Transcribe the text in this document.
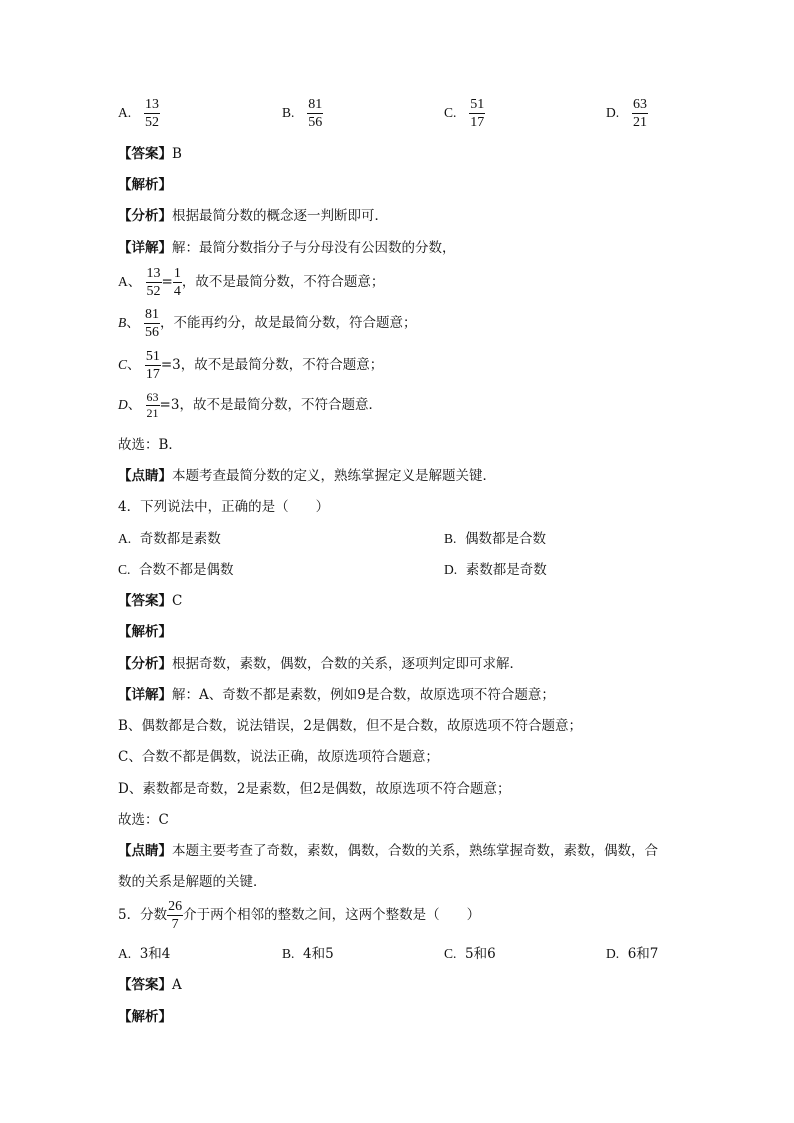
A. $\frac{13}{52}$	B. $\frac{81}{56}$	C. $\frac{51}{17}$	D. $\frac{63}{21}$
【答案】B
【解析】
【分析】根据最简分数的概念逐一判断即可．
【详解】解：最简分数指分子与分母没有公因数的分数，
A、 $\frac{13}{52} = \frac{1}{4}$ ，故不是最简分数，不符合题意；
B、 $\frac{81}{56}$ ，不能再约分，故是最简分数，符合题意；
C、 $\frac{51}{17} =3$，故不是最简分数，不符合题意；
D、 $\frac{63}{21} =3$，故不是最简分数，不符合题意．
故选：B．
【点睛】本题考查最简分数的定义，熟练掌握定义是解题关键．
4．下列说法中，正确的是（　　）
A. 奇数都是素数	B. 偶数都是合数
C. 合数不都是偶数	D. 素数都是奇数
【答案】C
【解析】
【分析】根据奇数，素数，偶数，合数的关系，逐项判定即可求解．
【详解】解：A、奇数不都是素数，例如9是合数，故原选项不符合题意；
B、偶数都是合数，说法错误，2是偶数，但不是合数，故原选项不符合题意；
C、合数不都是偶数，说法正确，故原选项符合题意；
D、素数都是奇数，2是素数，但2是偶数，故原选项不符合题意；
故选：C
【点睛】本题主要考查了奇数，素数，偶数，合数的关系，熟练掌握奇数，素数，偶数，合
数的关系是解题的关键．
5．分数 $\frac{26}{7}$ 介于两个相邻的整数之间，这两个整数是（　　）
A. 3和4	B. 4和5	C. 5和6	D. 6和7
【答案】A
【解析】
